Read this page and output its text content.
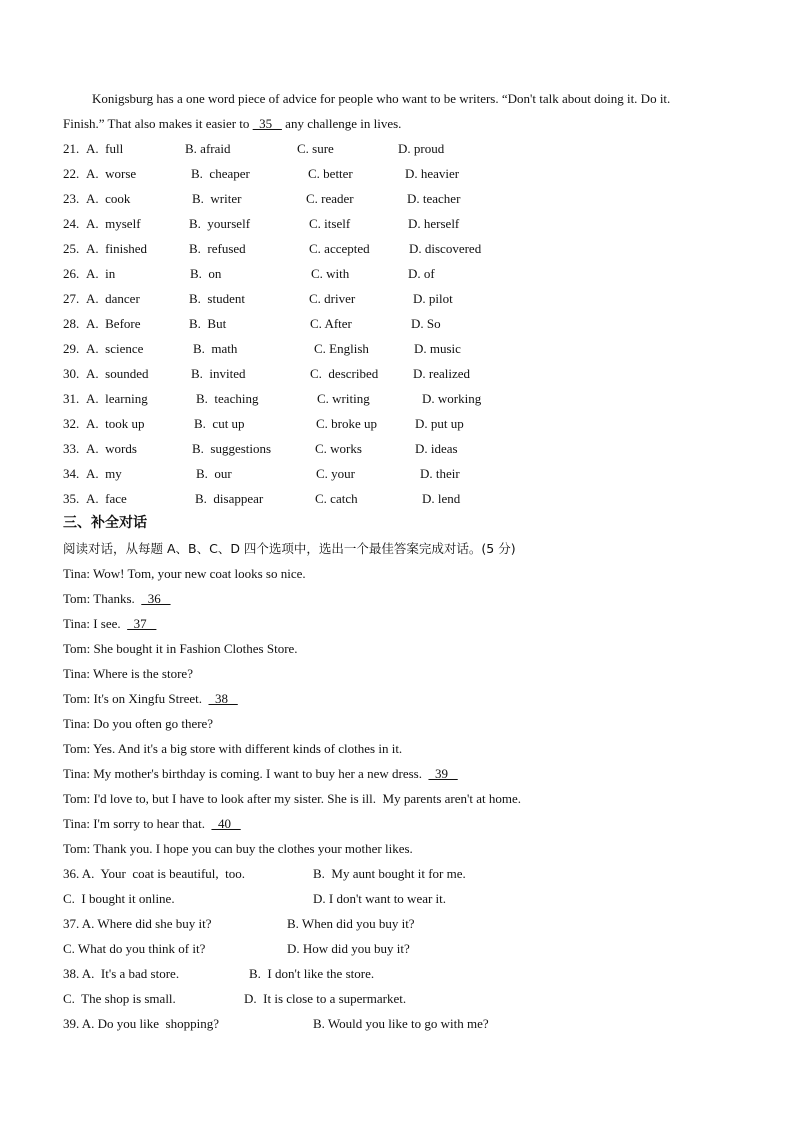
Konigsburg has a one word piece of advice for people who want to be writers. “Don't talk about doing it. Do it.
Finish.” That also makes it easier to   35    any challenge in lives.
21. A.  full	B. afraid	C. sure	D. proud
22. A.  worse	B.  cheaper	C. better	D. heavier
23. A.  cook	B.  writer	C. reader	D. teacher
24. A.  myself	B.  yourself	C. itself	D. herself
25. A.  finished	B.  refused	C. accepted	D. discovered
26. A.  in	B.  on	C. with	D. of
27. A.  dancer	B.  student	C. driver	D. pilot
28. A.  Before	B.  But	C. After	D. So
29. A.  science	B.  math	C. English	D. music
30. A.  sounded	B.  invited	C.  described	D. realized
31. A.  learning	B.  teaching	C. writing	D. working
32. A.  took up	B.  cut up	C. broke up	D. put up
33. A.  words	B.  suggestions	C. works	D. ideas
34. A.  my	B.  our	C. your	D. their
35. A.  face	B.  disappear	C. catch	D. lend
三、补全对话
阅读对话，从每题 A、B、C、D 四个选项中，选出一个最佳答案完成对话。(5 分)
Tina: Wow! Tom, your new coat looks so nice.
Tom: Thanks.    36
Tina: I see.    37
Tom: She bought it in Fashion Clothes Store.
Tina: Where is the store?
Tom: It's on Xingfu Street.    38
Tina: Do you often go there?
Tom: Yes. And it's a big store with different kinds of clothes in it.
Tina: My mother's birthday is coming. I want to buy her a new dress.    39
Tom: I'd love to, but I have to look after my sister. She is ill.  My parents aren't at home.
Tina: I'm sorry to hear that.    40
Tom: Thank you. I hope you can buy the clothes your mother likes.
36. A.  Your  coat is beautiful,  too.	B.  My aunt bought it for me.
C.  I bought it online.	D. I don't want to wear it.
37. A. Where did she buy it?	B. When did you buy it?
C. What do you think of it?	D. How did you buy it?
38. A.  It's a bad store.	B.  I don't like the store.
C.  The shop is small.	D.  It is close to a supermarket.
39. A. Do you like  shopping?	B. Would you like to go with me?
